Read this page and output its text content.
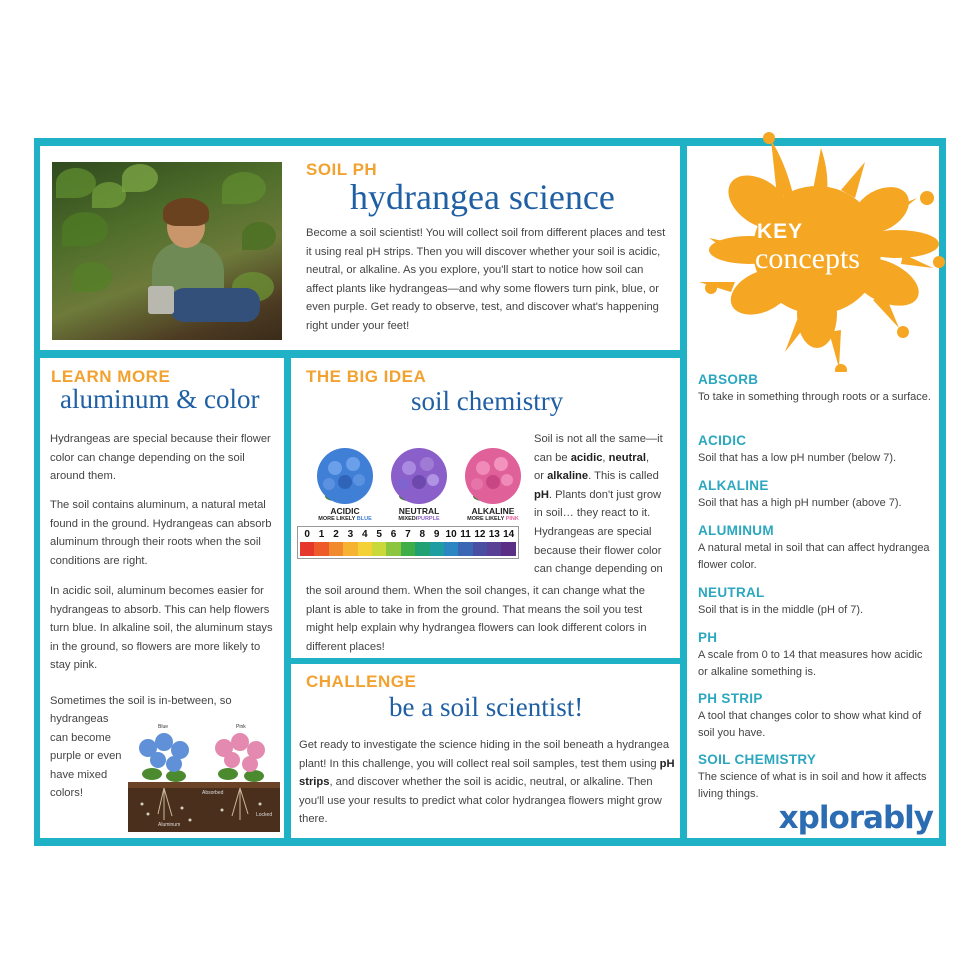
SOIL PH
hydrangea science
Become a soil scientist! You will collect soil from different places and test it using real pH strips. Then you will discover whether your soil is acidic, neutral, or alkaline. As you explore, you'll start to notice how soil can affect plants like hydrangeas—and why some flowers turn pink, blue, or even purple. Get ready to observe, test, and discover what's happening right under your feet!
LEARN MORE
aluminum & color
Hydrangeas are special because their flower color can change depending on the soil around them.
The soil contains aluminum, a natural metal found in the ground. Hydrangeas can absorb aluminum through their roots when the soil conditions are right.
In acidic soil, aluminum becomes easier for hydrangeas to absorb. This can help flowers turn blue. In alkaline soil, the aluminum stays in the ground, so flowers are more likely to stay pink.
Sometimes the soil is in-between, so
hydrangeas
can become
purple or even
have mixed
colors!
Blue	Pink
Aluminum
Absorbed
Locked
THE BIG IDEA
soil chemistry
ACIDIC
MORE LIKELY BLUE
NEUTRAL
MIXED/PURPLE
ALKALINE
MORE LIKELY PINK
0 1 2 3 4 5 6 7 8 9 10 11 12 13 14
Soil is not all the same—it
can be acidic, neutral,
or alkaline. This is called
pH. Plants don't just grow
in soil… they react to it.
Hydrangeas are special
because their flower color
can change depending on
the soil around them. When the soil changes, it can change what the plant is able to take in from the ground. That means the soil you test might help explain why hydrangea flowers can look different colors in different places!
CHALLENGE
be a soil scientist!
Get ready to investigate the science hiding in the soil beneath a hydrangea plant! In this challenge, you will collect real soil samples, test them using pH strips, and discover whether the soil is acidic, neutral, or alkaline. Then you'll use your results to predict what color hydrangea flowers might grow there.
KEY
concepts
ABSORB
To take in something through roots or a surface.
ACIDIC
Soil that has a low pH number (below 7).
ALKALINE
Soil that has a high pH number (above 7).
ALUMINUM
A natural metal in soil that can affect hydrangea flower color.
NEUTRAL
Soil that is in the middle (pH of 7).
PH
A scale from 0 to 14 that measures how acidic or alkaline something is.
PH STRIP
A tool that changes color to show what kind of soil you have.
SOIL CHEMISTRY
The science of what is in soil and how it affects living things.
xplorably
